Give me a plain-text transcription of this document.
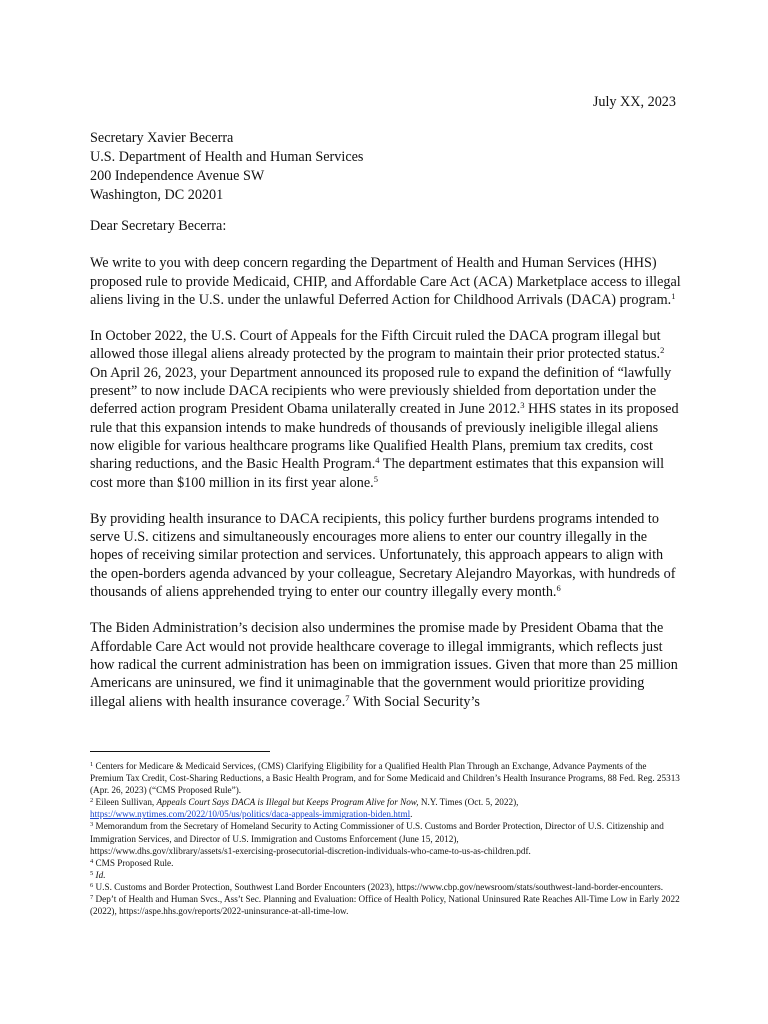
July XX, 2023
Secretary Xavier Becerra
U.S. Department of Health and Human Services
200 Independence Avenue SW
Washington, DC 20201

Dear Secretary Becerra:

We write to you with deep concern regarding the Department of Health and Human Services (HHS) proposed rule to provide Medicaid, CHIP, and Affordable Care Act (ACA) Marketplace access to illegal aliens living in the U.S. under the unlawful Deferred Action for Childhood Arrivals (DACA) program.$^1$

In October 2022, the U.S. Court of Appeals for the Fifth Circuit ruled the DACA program illegal but allowed those illegal aliens already protected by the program to maintain their prior protected status.$^2$ On April 26, 2023, your Department announced its proposed rule to expand the definition of “lawfully present” to now include DACA recipients who were previously shielded from deportation under the deferred action program President Obama unilaterally created in June 2012.$^3$ HHS states in its proposed rule that this expansion intends to make hundreds of thousands of previously ineligible illegal aliens now eligible for various healthcare programs like Qualified Health Plans, premium tax credits, cost sharing reductions, and the Basic Health Program.$^4$ The department estimates that this expansion will cost more than $100 million in its first year alone.$^5$

By providing health insurance to DACA recipients, this policy further burdens programs intended to serve U.S. citizens and simultaneously encourages more aliens to enter our country illegally in the hopes of receiving similar protection and services. Unfortunately, this approach appears to align with the open-borders agenda advanced by your colleague, Secretary Alejandro Mayorkas, with hundreds of thousands of aliens apprehended trying to enter our country illegally every month.$^6$

The Biden Administration’s decision also undermines the promise made by President Obama that the Affordable Care Act would not provide healthcare coverage to illegal immigrants, which reflects just how radical the current administration has been on immigration issues. Given that more than 25 million Americans are uninsured, we find it unimaginable that the government would prioritize providing illegal aliens with health insurance coverage.$^7$ With Social Security’s

$^1$ Centers for Medicare & Medicaid Services, (CMS) Clarifying Eligibility for a Qualified Health Plan Through an Exchange, Advance Payments of the Premium Tax Credit, Cost-Sharing Reductions, a Basic Health Program, and for Some Medicaid and Children’s Health Insurance Programs, 88 Fed. Reg. 25313 (Apr. 26, 2023) (“CMS Proposed Rule”).

$^2$ Eileen Sullivan, Appeals Court Says DACA is Illegal but Keeps Program Alive for Now, N.Y. Times (Oct. 5, 2022),
https://www.nytimes.com/2022/10/05/us/politics/daca-appeals-immigration-biden.html.

$^3$ Memorandum from the Secretary of Homeland Security to Acting Commissioner of U.S. Customs and Border Protection, Director of U.S. Citizenship and Immigration Services, and Director of U.S. Immigration and Customs Enforcement (June 15, 2012),
https://www.dhs.gov/xlibrary/assets/s1-exercising-prosecutorial-discretion-individuals-who-came-to-us-as-children.pdf.

$^4$ CMS Proposed Rule.

$^5$ Id.

$^6$ U.S. Customs and Border Protection, Southwest Land Border Encounters (2023), https://www.cbp.gov/newsroom/stats/southwest-land-border-encounters.

$^7$ Dep’t of Health and Human Svcs., Ass’t Sec. Planning and Evaluation: Office of Health Policy, National Uninsured Rate Reaches All-Time Low in Early 2022 (2022), https://aspe.hhs.gov/reports/2022-uninsurance-at-all-time-low.
